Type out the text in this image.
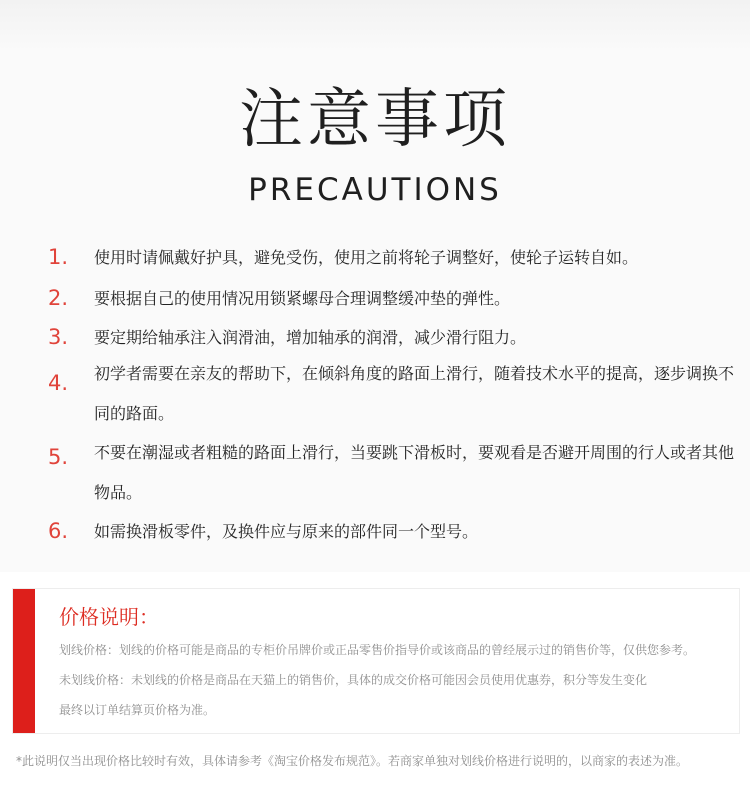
注意事项
PRECAUTIONS
1. 使用时请佩戴好护具，避免受伤，使用之前将轮子调整好，使轮子运转自如。
2. 要根据自己的使用情况用锁紧螺母合理调整缓冲垫的弹性。
3. 要定期给轴承注入润滑油，增加轴承的润滑，减少滑行阻力。
4. 初学者需要在亲友的帮助下，在倾斜角度的路面上滑行，随着技术水平的提高，逐步调换不同的路面。
5. 不要在潮湿或者粗糙的路面上滑行，当要跳下滑板时，要观看是否避开周围的行人或者其他物品。
6. 如需换滑板零件，及换件应与原来的部件同一个型号。
价格说明：
划线价格：划线的价格可能是商品的专柜价吊牌价或正品零售价指导价或该商品的曾经展示过的销售价等，仅供您参考。
未划线价格：未划线的价格是商品在天猫上的销售价，具体的成交价格可能因会员使用优惠券，积分等发生变化
最终以订单结算页价格为准。
*此说明仅当出现价格比较时有效，具体请参考《淘宝价格发布规范》。若商家单独对划线价格进行说明的，以商家的表述为准。
